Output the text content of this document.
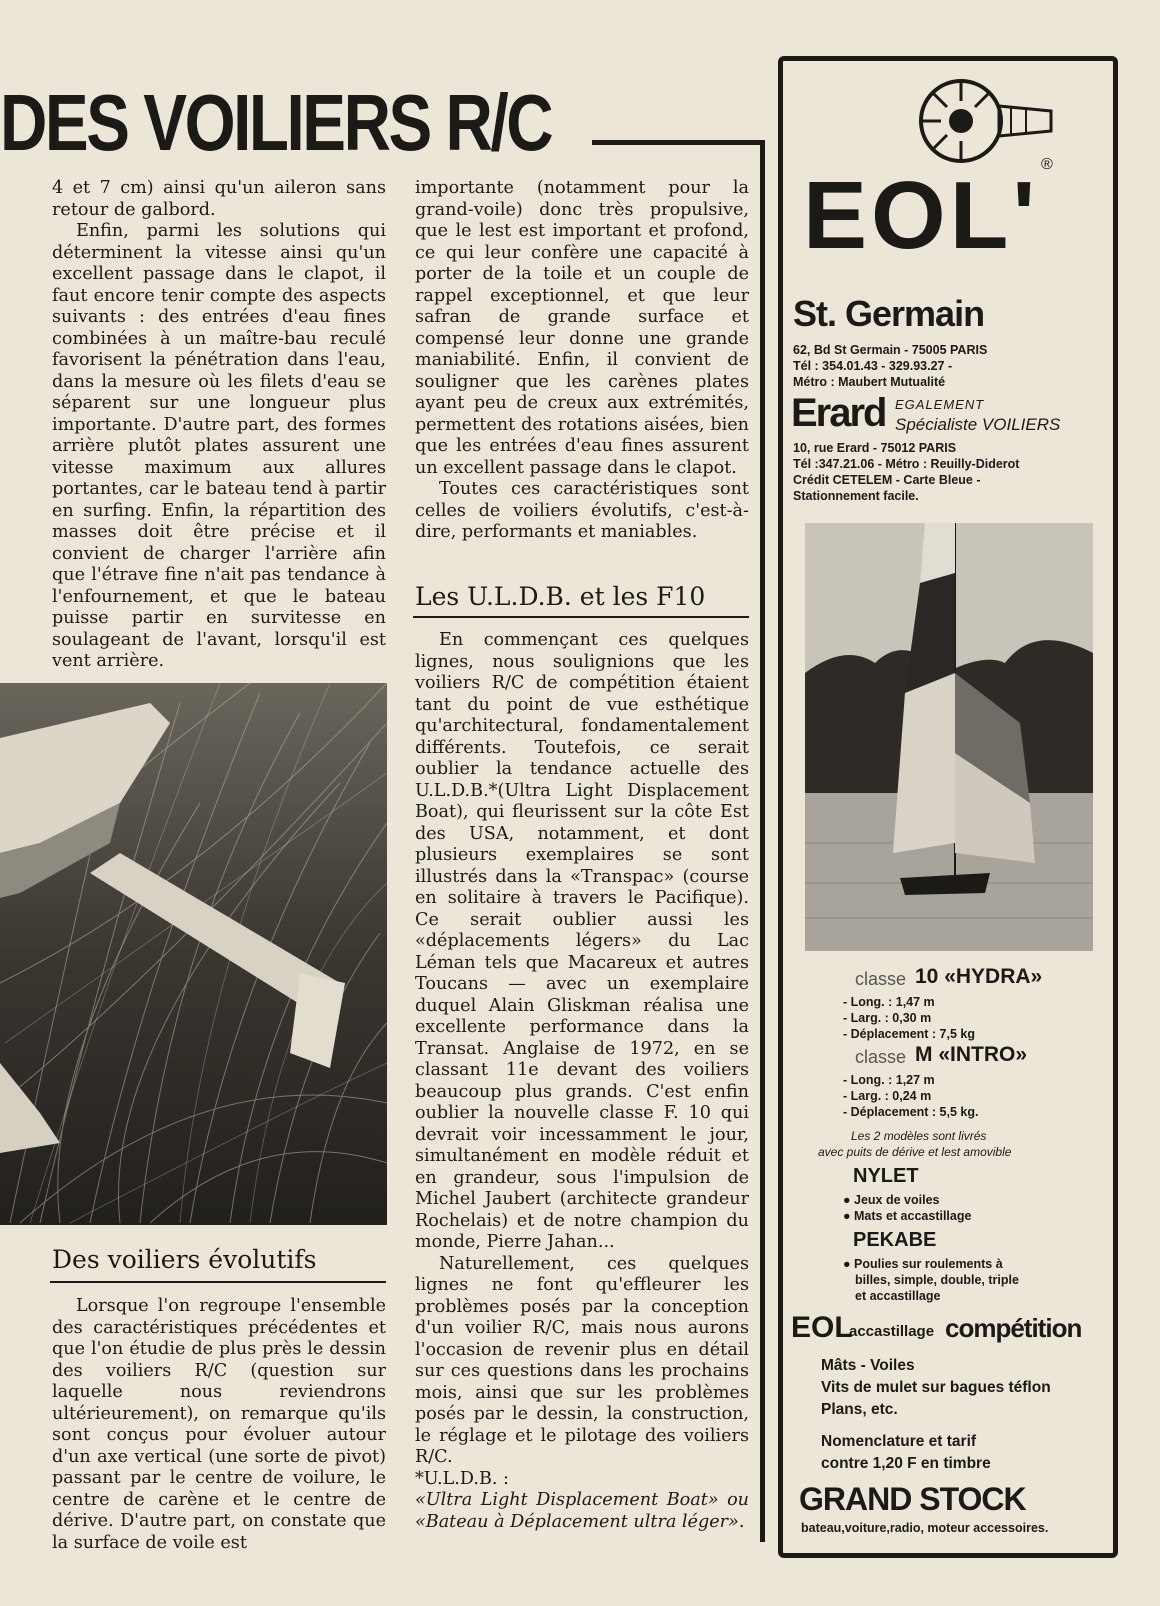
DES VOILIERS R/C

4 et 7 cm) ainsi qu'un aileron sans retour de galbord.

Enfin, parmi les solutions qui déterminent la vitesse ainsi qu'un excellent passage dans le clapot, il faut encore tenir compte des aspects suivants : des entrées d'eau fines combinées à un maître-bau reculé favorisent la pénétration dans l'eau, dans la mesure où les filets d'eau se séparent sur une longueur plus importante. D'autre part, des formes arrière plutôt plates assurent une vitesse maximum aux allures portantes, car le bateau tend à partir en surfing. Enfin, la répartition des masses doit être précise et il convient de charger l'arrière afin que l'étrave fine n'ait pas tendance à l'enfournement, et que le bateau puisse partir en survitesse en soulageant de l'avant, lorsqu'il est vent arrière.

Des voiliers évolutifs

Lorsque l'on regroupe l'ensemble des caractéristiques précédentes et que l'on étudie de plus près le dessin des voiliers R/C (question sur laquelle nous reviendrons ultérieurement), on remarque qu'ils sont conçus pour évoluer autour d'un axe vertical (une sorte de pivot) passant par le centre de voilure, le centre de carène et le centre de dérive. D'autre part, on constate que la surface de voile est

importante (notamment pour la grand-voile) donc très propulsive, que le lest est important et profond, ce qui leur confère une capacité à porter de la toile et un couple de rappel exceptionnel, et que leur safran de grande surface et compensé leur donne une grande maniabilité. Enfin, il convient de souligner que les carènes plates ayant peu de creux aux extrémités, permettent des rotations aisées, bien que les entrées d'eau fines assurent un excellent passage dans le clapot.

Toutes ces caractéristiques sont celles de voiliers évolutifs, c'est-à-dire, performants et maniables.

Les U.L.D.B. et les F10

En commençant ces quelques lignes, nous soulignions que les voiliers R/C de compétition étaient tant du point de vue esthétique qu'architectural, fondamentalement différents. Toutefois, ce serait oublier la tendance actuelle des U.L.D.B.*(Ultra Light Displacement Boat), qui fleurissent sur la côte Est des USA, notamment, et dont plusieurs exemplaires se sont illustrés dans la «Transpac» (course en solitaire à travers le Pacifique). Ce serait oublier aussi les «déplacements légers» du Lac Léman tels que Macareux et autres Toucans — avec un exemplaire duquel Alain Gliskman réalisa une excellente performance dans la Transat. Anglaise de 1972, en se classant 11e devant des voiliers beaucoup plus grands. C'est enfin oublier la nouvelle classe F. 10 qui devrait voir incessamment le jour, simultanément en modèle réduit et en grandeur, sous l'impulsion de Michel Jaubert (architecte grandeur Rochelais) et de notre champion du monde, Pierre Jahan...

Naturellement, ces quelques lignes ne font qu'effleurer les problèmes posés par la conception d'un voilier R/C, mais nous aurons l'occasion de revenir plus en détail sur ces questions dans les prochains mois, ainsi que sur les problèmes posés par le dessin, la construction, le réglage et le pilotage des voiliers R/C.

*U.L.D.B. :

«Ultra Light Displacement Boat» ou «Bateau à Déplacement ultra léger».

EOL' ®
St. Germain
62, Bd St Germain - 75005 PARIS
Tél : 354.01.43 - 329.93.27 -
Métro : Maubert Mutualité
Erard EGALEMENT
Spécialiste VOILIERS
10, rue Erard - 75012 PARIS
Tél :347.21.06 - Métro : Reuilly-Diderot
Crédit CETELEM - Carte Bleue -
Stationnement facile.
classe 10 «HYDRA»
- Long. : 1,47 m
- Larg. : 0,30 m
- Déplacement : 7,5 kg
classe M «INTRO»
- Long. : 1,27 m
- Larg. : 0,24 m
- Déplacement : 5,5 kg.
Les 2 modèles sont livrés
avec puits de dérive et lest amovible
NYLET
● Jeux de voiles
● Mats et accastillage
PEKABE
● Poulies sur roulements à
billes, simple, double, triple
et accastillage
EOL
accastillage compétition
Mâts - Voiles
Vits de mulet sur bagues téflon
Plans, etc.
Nomenclature et tarif
contre 1,20 F en timbre
GRAND STOCK
bateau,voiture,radio, moteur accessoires.
